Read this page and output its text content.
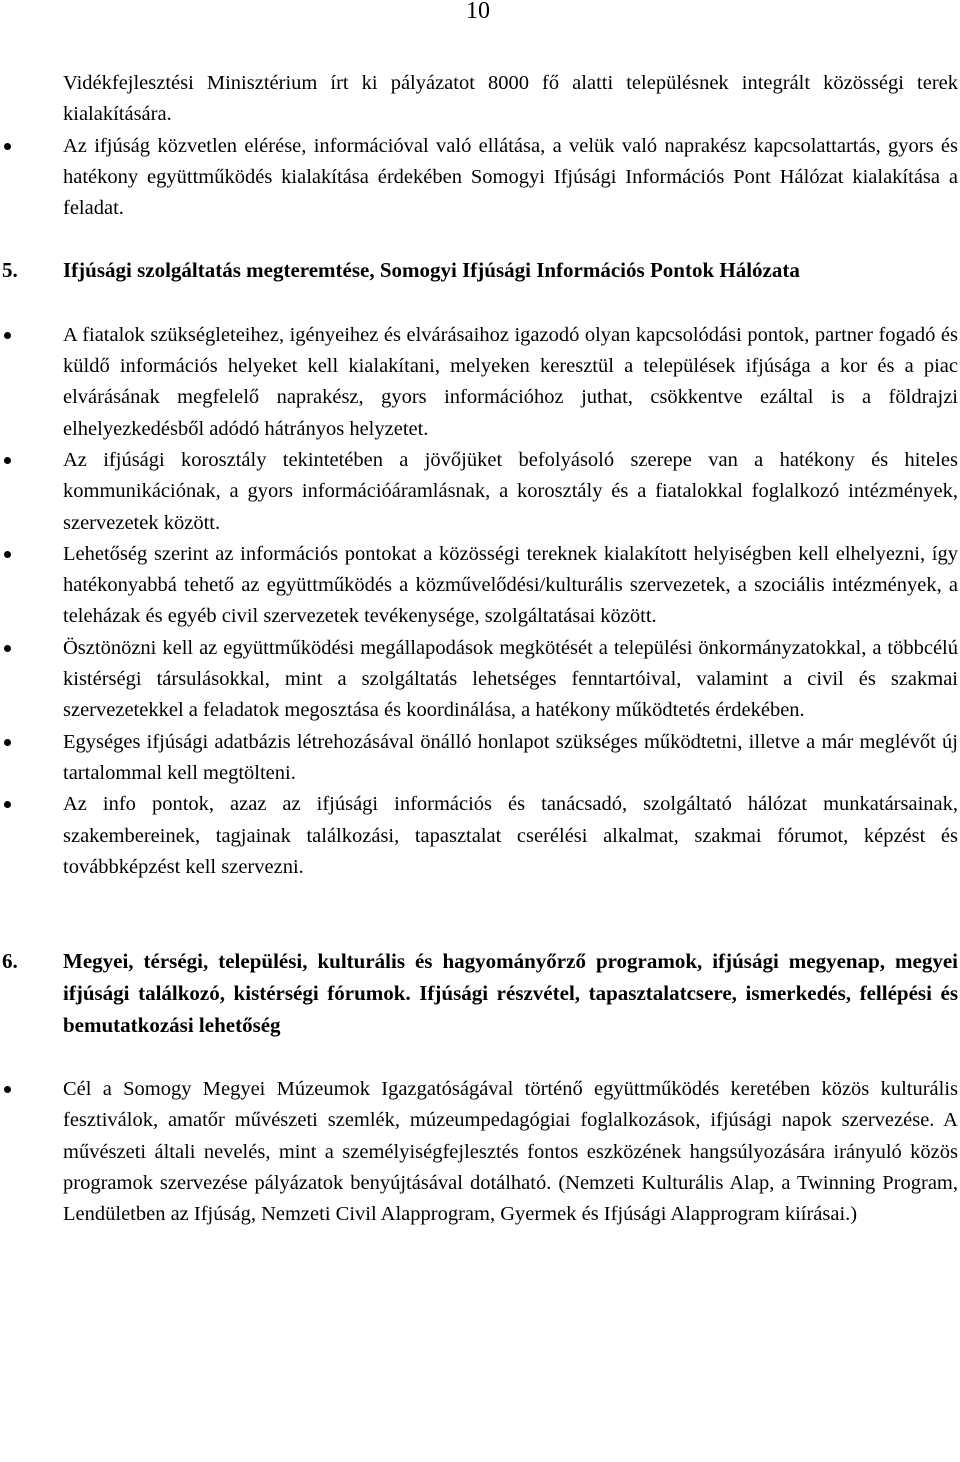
10

Vidékfejlesztési Minisztérium írt ki pályázatot 8000 fő alatti településnek integrált közösségi terek kialakítására.

Az ifjúság közvetlen elérése, információval való ellátása, a velük való naprakész kapcsolattartás, gyors és hatékony együttműködés kialakítása érdekében Somogyi Ifjúsági Információs Pont Hálózat kialakítása a feladat.
5. Ifjúsági szolgáltatás megteremtése, Somogyi Ifjúsági Információs Pontok Hálózata
A fiatalok szükségleteihez, igényeihez és elvárásaihoz igazodó olyan kapcsolódási pontok, partner fogadó és küldő információs helyeket kell kialakítani, melyeken keresztül a települések ifjúsága a kor és a piac elvárásának megfelelő naprakész, gyors információhoz juthat, csökkentve ezáltal is a földrajzi elhelyezkedésből adódó hátrányos helyzetet.
Az ifjúsági korosztály tekintetében a jövőjüket befolyásoló szerepe van a hatékony és hiteles kommunikációnak, a gyors információáramlásnak, a korosztály és a fiatalokkal foglalkozó intézmények, szervezetek között.
Lehetőség szerint az információs pontokat a közösségi tereknek kialakított helyiségben kell elhelyezni, így hatékonyabbá tehető az együttműködés a közművelődési/kulturális szervezetek, a szociális intézmények, a teleházak és egyéb civil szervezetek tevékenysége, szolgáltatásai között.
Ösztönözni kell az együttműködési megállapodások megkötését a települési önkormányzatokkal, a többcélú kistérségi társulásokkal, mint a szolgáltatás lehetséges fenntartóival, valamint a civil és szakmai szervezetekkel a feladatok megosztása és koordinálása, a hatékony működtetés érdekében.
Egységes ifjúsági adatbázis létrehozásával önálló honlapot szükséges működtetni, illetve a már meglévőt új tartalommal kell megtölteni.
Az info pontok, azaz az ifjúsági információs és tanácsadó, szolgáltató hálózat munkatársainak, szakembereinek, tagjainak találkozási, tapasztalat cserélési alkalmat, szakmai fórumot, képzést és továbbképzést kell szervezni.
6. Megyei, térségi, települési, kulturális és hagyományőrző programok, ifjúsági megyenap, megyei ifjúsági találkozó, kistérségi fórumok. Ifjúsági részvétel, tapasztalatcsere, ismerkedés, fellépési és bemutatkozási lehetőség
Cél a Somogy Megyei Múzeumok Igazgatóságával történő együttműködés keretében közös kulturális fesztiválok, amatőr művészeti szemlék, múzeumpedagógiai foglalkozások, ifjúsági napok szervezése. A művészeti általi nevelés, mint a személyiségfejlesztés fontos eszközének hangsúlyozására irányuló közös programok szervezése pályázatok benyújtásával dotálható. (Nemzeti Kulturális Alap, a Twinning Program, Lendületben az Ifjúság, Nemzeti Civil Alapprogram, Gyermek és Ifjúsági Alapprogram kiírásai.)
